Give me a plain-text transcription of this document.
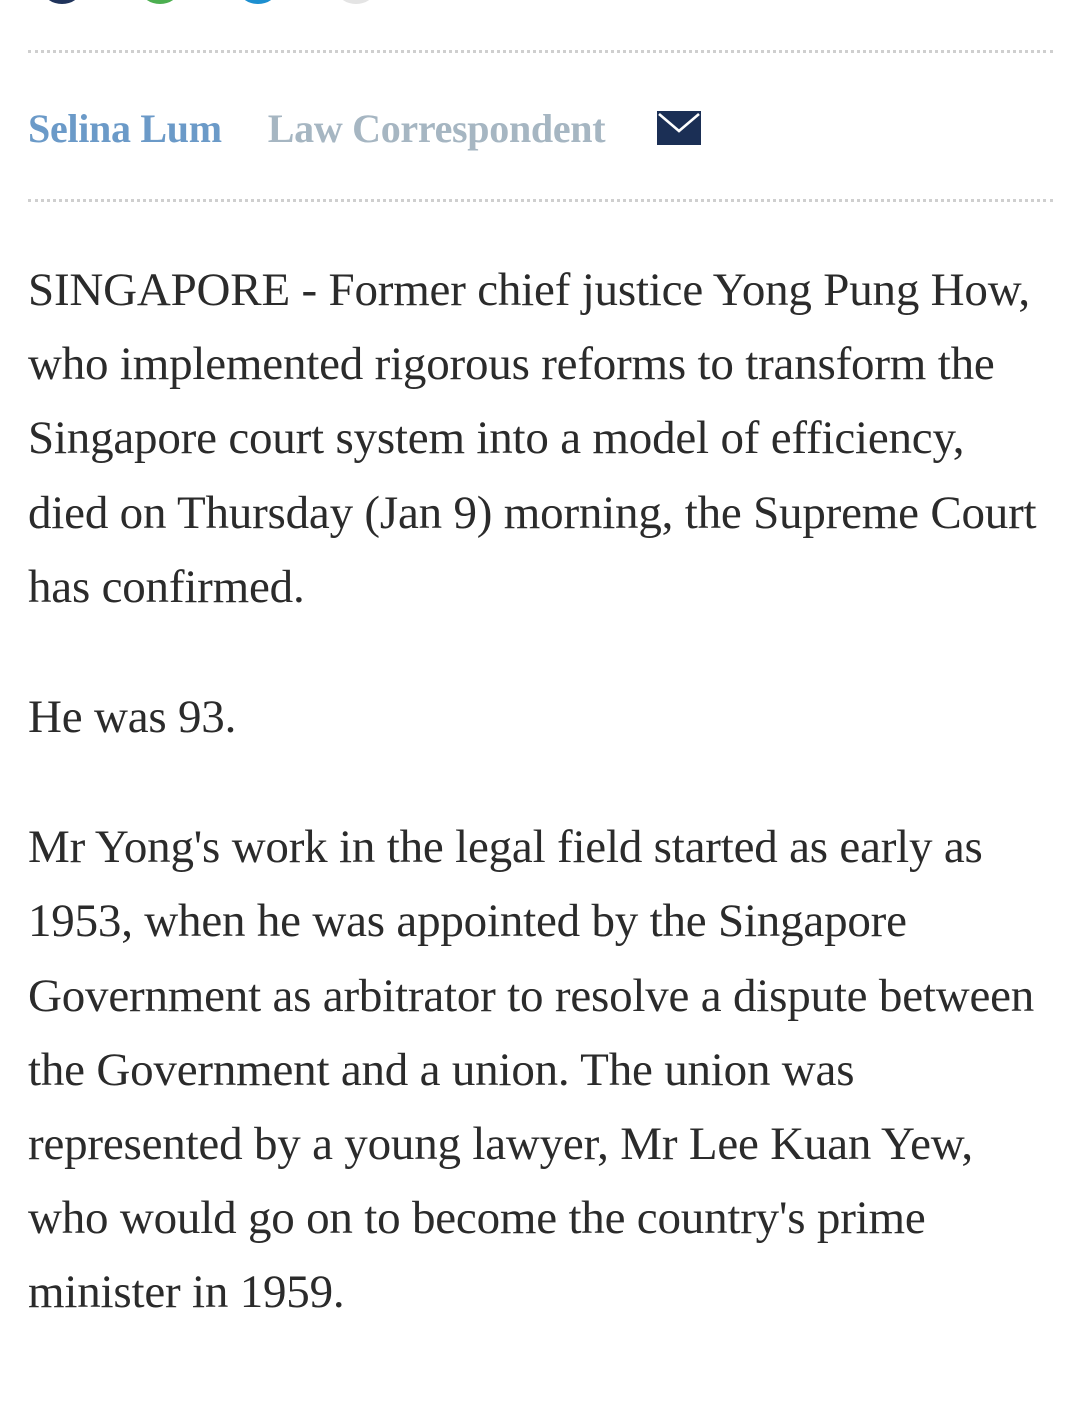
Selina Lum Law Correspondent

SINGAPORE - Former chief justice Yong Pung How, who implemented rigorous reforms to transform the Singapore court system into a model of efficiency, died on Thursday (Jan 9) morning, the Supreme Court has confirmed.

He was 93.

Mr Yong's work in the legal field started as early as 1953, when he was appointed by the Singapore Government as arbitrator to resolve a dispute between the Government and a union. The union was represented by a young lawyer, Mr Lee Kuan Yew, who would go on to become the country's prime minister in 1959.
